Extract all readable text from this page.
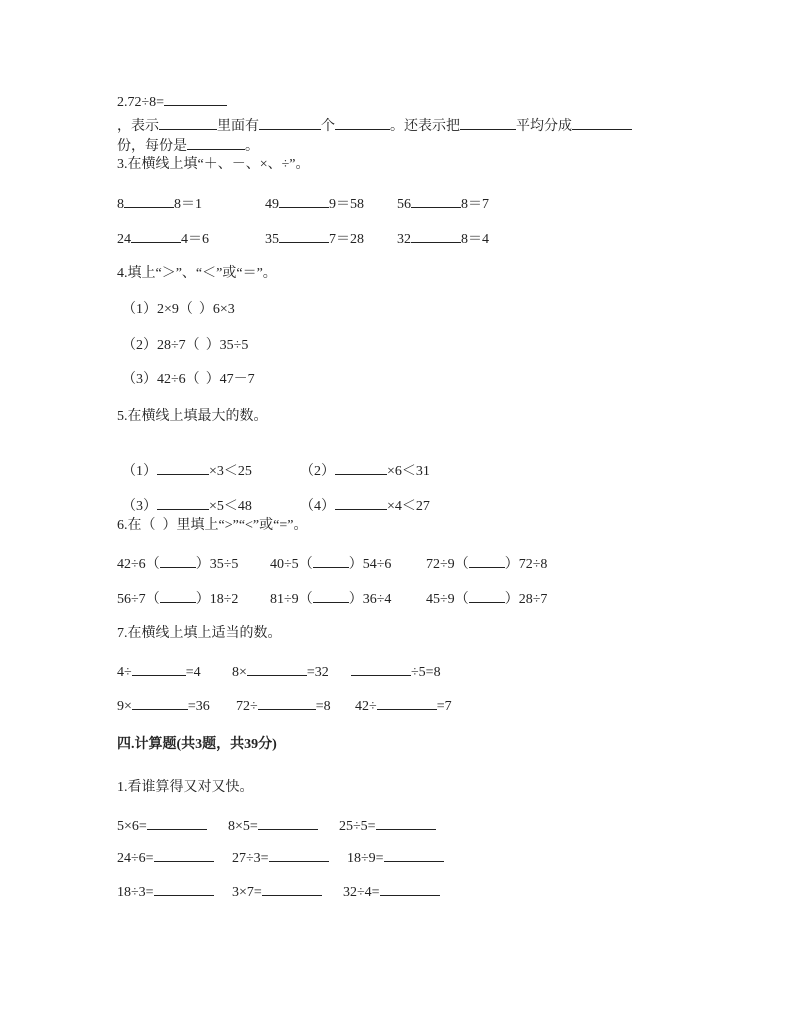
2.72÷8=
，表示	里面有	个	。还表示把	平均分成
份，每份是	。
3.在横线上填“＋、－、×、÷”。
8	8＝1	49	9＝58 56	8＝7
24	4＝6	35	7＝28 32	8＝4
4.填上“＞”、“＜”或“＝”。
（1）2×9（ ）6×3
（2）28÷7（ ）35÷5
（3）42÷6（ ）47－7
5.在横线上填最大的数。
（1）	×3＜25	（2）	×6＜31
（3）	×5＜48	（4）	×4＜27
6.在（  ）里填上“>”“<”或“=”。
42÷6（	）35÷5 40÷5（	）54÷6 72÷9（	）72÷8
56÷7（	）18÷2 81÷9（	）36÷4 45÷9（	）28÷7
7.在横线上填上适当的数。
4÷	=4 8×	=32	÷5=8
9×	=36 72÷	=8 42÷	=7
四.计算题(共3题，共39分)
1.看谁算得又对又快。
5×6=	8×5=	25÷5=
24÷6=	27÷3=	18÷9=
18÷3=	3×7=	32÷4=
